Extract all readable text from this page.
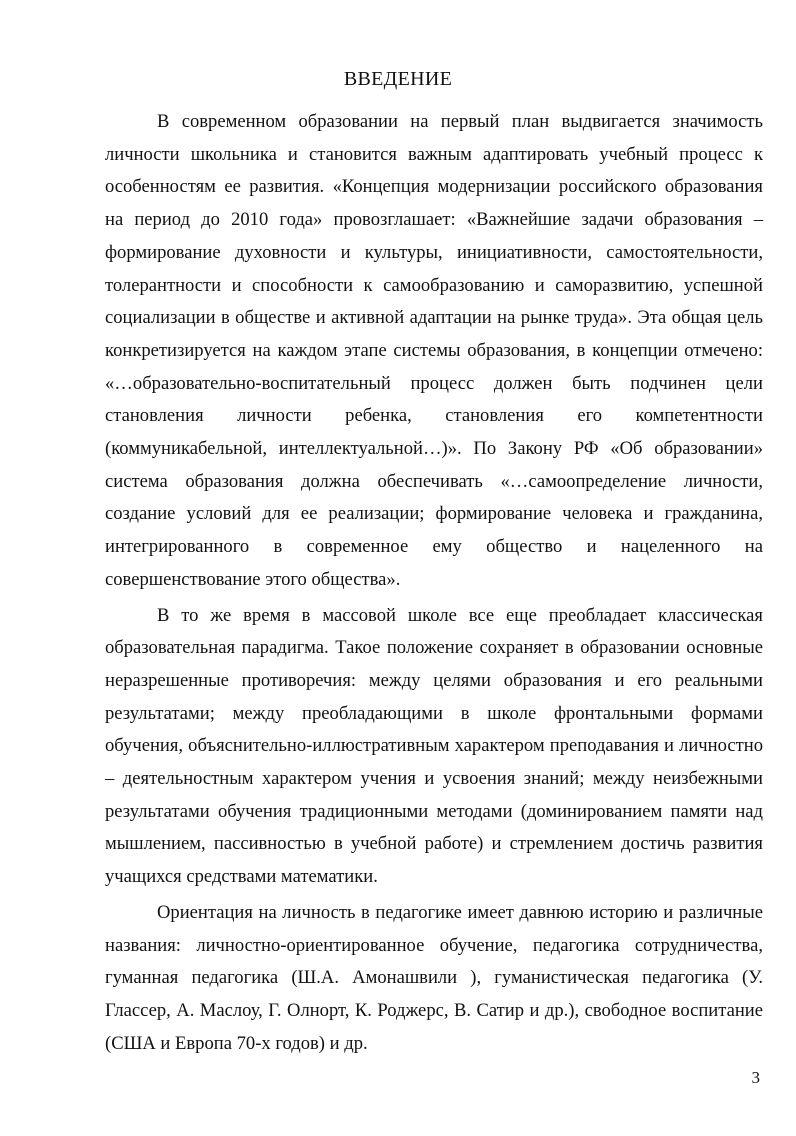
ВВЕДЕНИЕ

В современном образовании на первый план выдвигается значимость личности школьника и становится важным адаптировать учебный процесс к особенностям ее развития. «Концепция модернизации российского образования на период до 2010 года» провозглашает: «Важнейшие задачи образования – формирование духовности и культуры, инициативности, самостоятельности, толерантности и способности к самообразованию и саморазвитию, успешной социализации в обществе и активной адаптации на рынке труда». Эта общая цель конкретизируется на каждом этапе системы образования, в концепции отмечено: «…образовательно-воспитательный процесс должен быть подчинен цели становления личности ребенка, становления его компетентности (коммуникабельной, интеллектуальной…)». По Закону РФ «Об образовании» система образования должна обеспечивать «…самоопределение личности, создание условий для ее реализации; формирование человека и гражданина, интегрированного в современное ему общество и нацеленного на совершенствование этого общества».

В то же время в массовой школе все еще преобладает классическая образовательная парадигма. Такое положение сохраняет в образовании основные неразрешенные противоречия: между целями образования и его реальными результатами; между преобладающими в школе фронтальными формами обучения, объяснительно-иллюстративным характером преподавания и личностно – деятельностным характером учения и усвоения знаний; между неизбежными результатами обучения традиционными методами (доминированием памяти над мышлением, пассивностью в учебной работе) и стремлением достичь развития учащихся средствами математики.

Ориентация на личность в педагогике имеет давнюю историю и различные названия: личностно-ориентированное обучение, педагогика сотрудничества, гуманная педагогика (Ш.А. Амонашвили ), гуманистическая педагогика (У. Глассер, А. Маслоу, Г. Олнорт, К. Роджерс, В. Сатир и др.), свободное воспитание (США и Европа 70-х годов) и др.

3
